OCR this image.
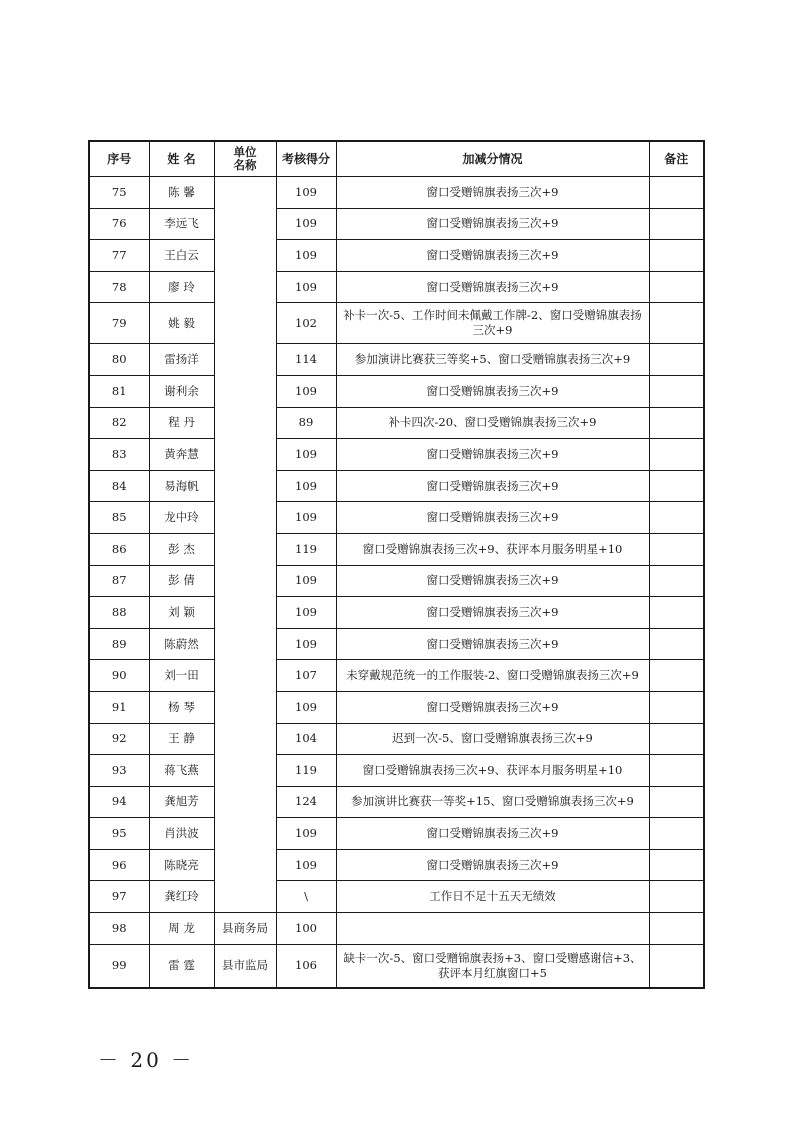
序号	姓 名	单位名称	考核得分	加减分情况	备注
75	陈 馨		109	窗口受赠锦旗表扬三次+9	
76	李远飞		109	窗口受赠锦旗表扬三次+9	
77	王白云		109	窗口受赠锦旗表扬三次+9	
78	廖 玲		109	窗口受赠锦旗表扬三次+9	
79	姚 毅		102	补卡一次-5、工作时间未佩戴工作牌-2、窗口受赠锦旗表扬三次+9	
80	雷扬洋		114	参加演讲比赛获三等奖+5、窗口受赠锦旗表扬三次+9	
81	谢利余		109	窗口受赠锦旗表扬三次+9	
82	程 丹		89	补卡四次-20、窗口受赠锦旗表扬三次+9	
83	黄奔慧		109	窗口受赠锦旗表扬三次+9	
84	易海帆		109	窗口受赠锦旗表扬三次+9	
85	龙中玲		109	窗口受赠锦旗表扬三次+9	
86	彭 杰		119	窗口受赠锦旗表扬三次+9、获评本月服务明星+10	
87	彭 倩		109	窗口受赠锦旗表扬三次+9	
88	刘 颖		109	窗口受赠锦旗表扬三次+9	
89	陈蔚然		109	窗口受赠锦旗表扬三次+9	
90	刘一田		107	未穿戴规范统一的工作服装-2、窗口受赠锦旗表扬三次+9	
91	杨 琴		109	窗口受赠锦旗表扬三次+9	
92	王 静		104	迟到一次-5、窗口受赠锦旗表扬三次+9	
93	蒋飞燕		119	窗口受赠锦旗表扬三次+9、获评本月服务明星+10	
94	龚旭芳		124	参加演讲比赛获一等奖+15、窗口受赠锦旗表扬三次+9	
95	肖洪波		109	窗口受赠锦旗表扬三次+9	
96	陈晓亮		109	窗口受赠锦旗表扬三次+9	
97	龚红玲		\	工作日不足十五天无绩效	
98	周 龙	县商务局	100		
99	雷 霆	县市监局	106	缺卡一次-5、窗口受赠锦旗表扬+3、窗口受赠感谢信+3、获评本月红旗窗口+5	
－ 20 －
